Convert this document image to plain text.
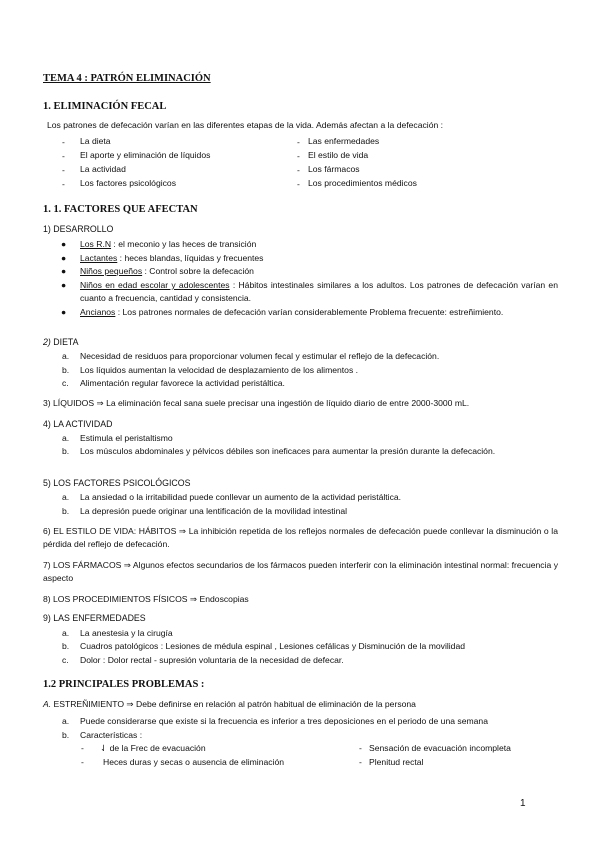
TEMA 4 : PATRÓN ELIMINACIÓN
1. ELIMINACIÓN FECAL
Los patrones de defecación varían en las diferentes etapas de la vida. Además afectan a la defecación :
- La dieta
- El aporte y eliminación de líquidos
- La actividad
- Los factores psicológicos
- Las enfermedades
- El estilo de vida
- Los fármacos
- Los procedimientos médicos
1. 1. FACTORES QUE AFECTAN
1) DESARROLLO
● Los R.N : el meconio y las heces de transición
● Lactantes : heces blandas, líquidas y frecuentes
● Niños pequeños : Control sobre la defecación
● Niños en edad escolar y adolescentes : Hábitos intestinales similares a los adultos. Los patrones de defecación varían en cuanto a frecuencia, cantidad y consistencia.
● Ancianos : Los patrones normales de defecación varían considerablemente Problema frecuente: estreñimiento.
2) DIETA
a. Necesidad de residuos para proporcionar volumen fecal y estimular el reflejo de la defecación.
b. Los líquidos aumentan la velocidad de desplazamiento de los alimentos .
c. Alimentación regular favorece la actividad peristáltica.
3) LÍQUIDOS ⇒ La eliminación fecal sana suele precisar una ingestión de líquido diario de entre 2000-3000 mL.
4) LA ACTIVIDAD
a. Estimula el peristaltismo
b. Los músculos abdominales y pélvicos débiles son ineficaces para aumentar la presión durante la defecación.
5) LOS FACTORES PSICOLÓGICOS
a. La ansiedad o la irritabilidad puede conllevar un aumento de la actividad peristáltica.
b. La depresión puede originar una lentificación de la movilidad intestinal
6) EL ESTILO DE VIDA: HÁBITOS ⇒ La inhibición repetida de los reflejos normales de defecación puede conllevar la disminución o la pérdida del reflejo de defecación.
7) LOS FÁRMACOS ⇒ Algunos efectos secundarios de los fármacos pueden interferir con la eliminación intestinal normal: frecuencia y aspecto
8) LOS PROCEDIMIENTOS FÍSICOS ⇒ Endoscopias
9) LAS ENFERMEDADES
a. La anestesia y la cirugía
b. Cuadros patológicos : Lesiones de médula espinal , Lesiones cefálicas y Disminución de la movilidad
c. Dolor : Dolor rectal - supresión voluntaria de la necesidad de defecar.
1.2 PRINCIPALES PROBLEMAS :
A. ESTREÑIMIENTO ⇒ Debe definirse en relación al patrón habitual de eliminación de la persona
a. Puede considerarse que existe si la frecuencia es inferior a tres deposiciones en el periodo de una semana
b. Características :
- ⇃ de la Frec de evacuación
- Heces duras y secas o ausencia de eliminación
- Sensación de evacuación incompleta
- Plenitud rectal
1
